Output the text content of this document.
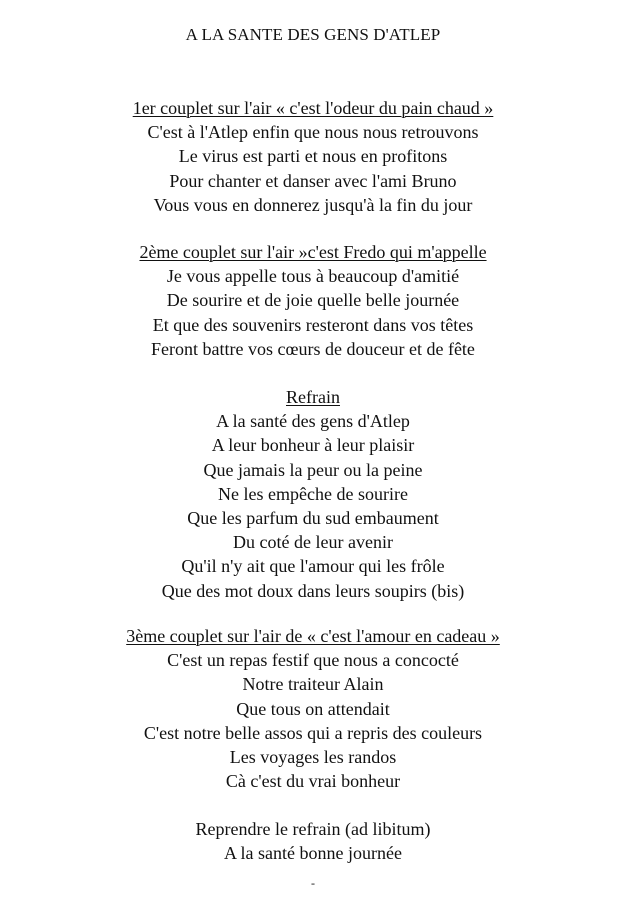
A LA SANTE DES GENS D'ATLEP
1er couplet sur l'air « c'est l'odeur du pain chaud »
C'est à l'Atlep enfin que nous nous retrouvons
Le virus est parti et nous en profitons
Pour chanter et danser avec l'ami Bruno
Vous vous en donnerez jusqu'à la fin du jour
2ème couplet sur l'air »c'est Fredo qui m'appelle
Je vous appelle tous à beaucoup d'amitié
De sourire et de joie quelle belle journée
Et que des souvenirs resteront dans vos têtes
Feront battre vos cœurs de douceur et de fête
Refrain
A la santé des gens d'Atlep
A leur bonheur à leur plaisir
Que jamais la peur ou la peine
Ne les empêche de sourire
Que les parfum du sud embaument
Du coté de leur avenir
Qu'il n'y ait que l'amour qui les frôle
Que des mot doux dans leurs soupirs (bis)
3ème couplet sur l'air de « c'est l'amour en cadeau »
C'est un repas festif que nous a concocté
Notre traiteur Alain
Que tous on attendait
C'est notre belle assos qui a repris des couleurs
Les voyages les randos
Cà c'est du vrai bonheur
Reprendre le refrain (ad libitum)
A la santé bonne journée
-
